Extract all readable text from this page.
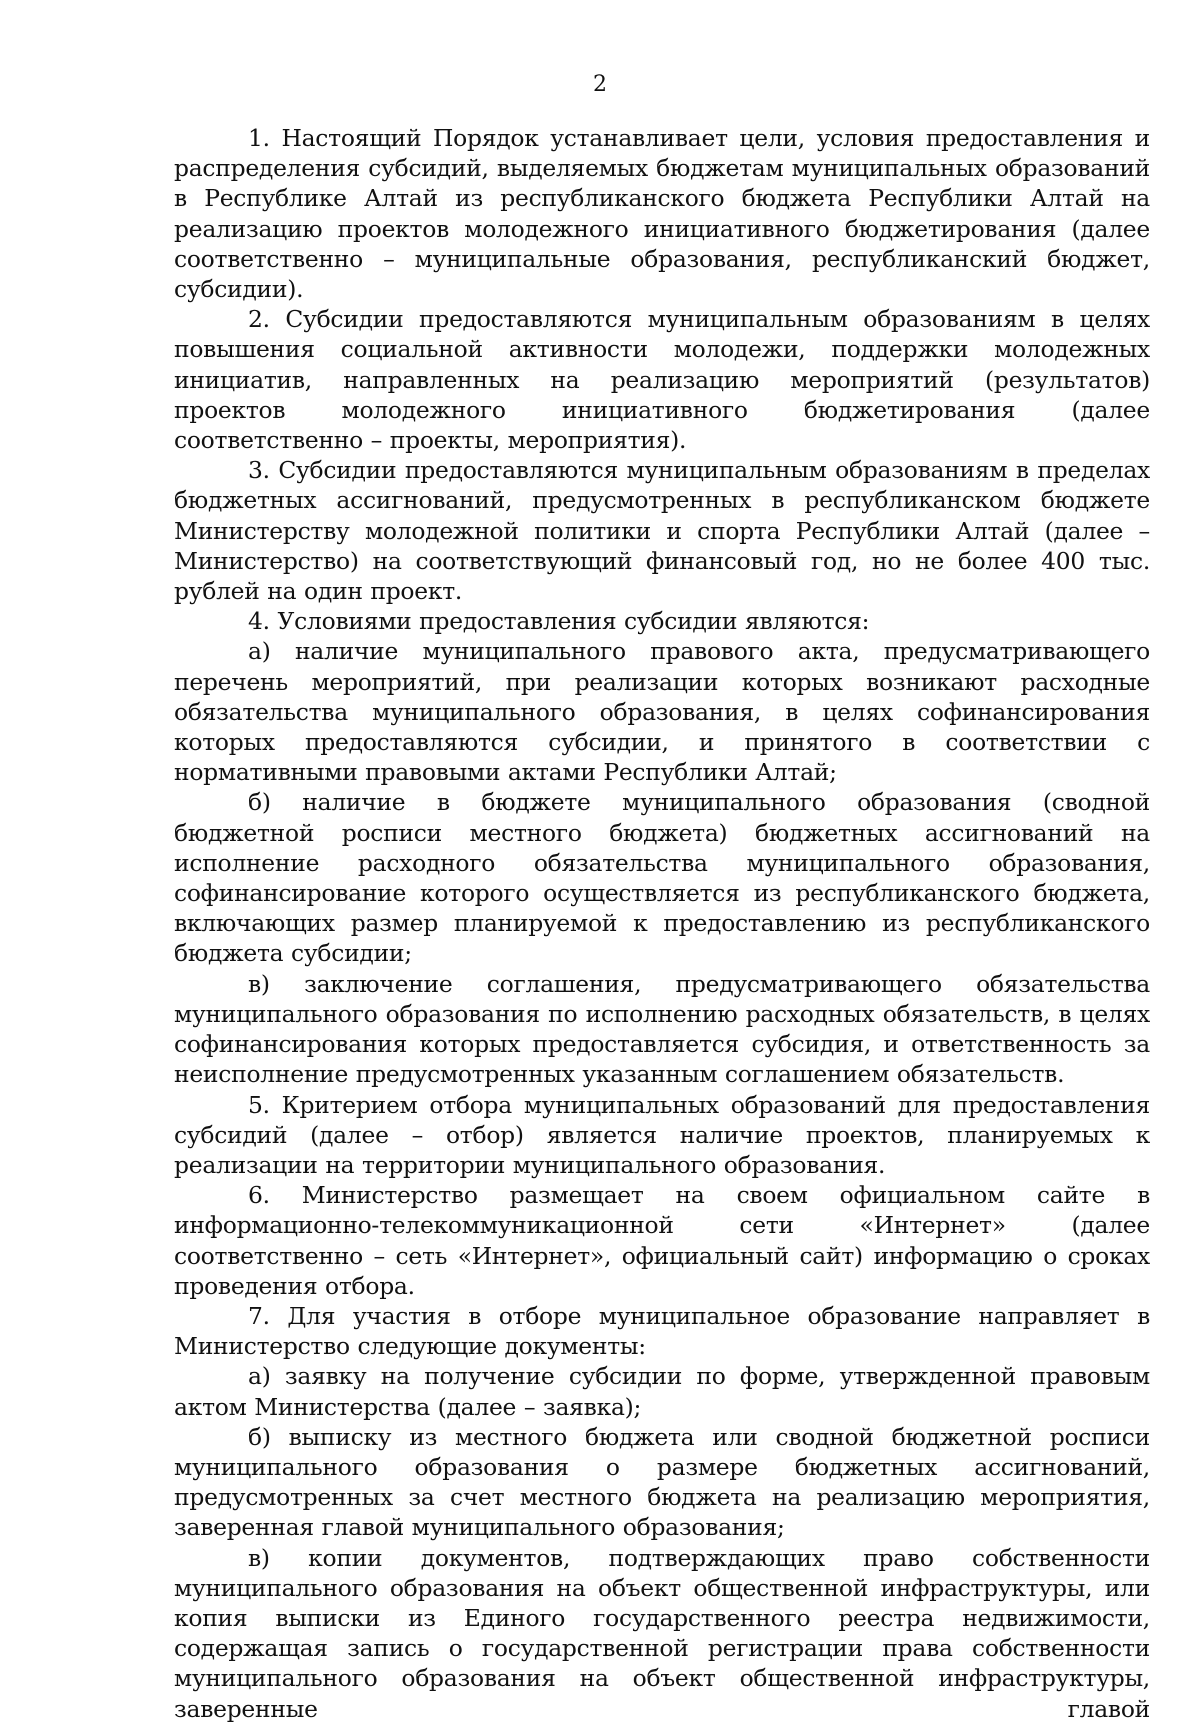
2

1. Настоящий Порядок устанавливает цели, условия предоставления и распределения субсидий, выделяемых бюджетам муниципальных образований в Республике Алтай из республиканского бюджета Республики Алтай на реализацию проектов молодежного инициативного бюджетирования (далее соответственно – муниципальные образования, республиканский бюджет, субсидии).

2. Субсидии предоставляются муниципальным образованиям в целях повышения социальной активности молодежи, поддержки молодежных инициатив, направленных на реализацию мероприятий (результатов) проектов молодежного инициативного бюджетирования (далее соответственно – проекты, мероприятия).

3. Субсидии предоставляются муниципальным образованиям в пределах бюджетных ассигнований, предусмотренных в республиканском бюджете Министерству молодежной политики и спорта Республики Алтай (далее – Министерство) на соответствующий финансовый год, но не более 400 тыс. рублей на один проект.

4. Условиями предоставления субсидии являются:

а) наличие муниципального правового акта, предусматривающего перечень мероприятий, при реализации которых возникают расходные обязательства муниципального образования, в целях софинансирования которых предоставляются субсидии, и принятого в соответствии с нормативными правовыми актами Республики Алтай;

б) наличие в бюджете муниципального образования (сводной бюджетной росписи местного бюджета) бюджетных ассигнований на исполнение расходного обязательства муниципального образования, софинансирование которого осуществляется из республиканского бюджета, включающих размер планируемой к предоставлению из республиканского бюджета субсидии;

в) заключение соглашения, предусматривающего обязательства муниципального образования по исполнению расходных обязательств, в целях софинансирования которых предоставляется субсидия, и ответственность за неисполнение предусмотренных указанным соглашением обязательств.

5. Критерием отбора муниципальных образований для предоставления субсидий (далее – отбор) является наличие проектов, планируемых к реализации на территории муниципального образования.

6. Министерство размещает на своем официальном сайте в информационно-телекоммуникационной сети «Интернет» (далее соответственно – сеть «Интернет», официальный сайт) информацию о сроках проведения отбора.

7. Для участия в отборе муниципальное образование направляет в Министерство следующие документы:

а) заявку на получение субсидии по форме, утвержденной правовым актом Министерства (далее – заявка);

б) выписку из местного бюджета или сводной бюджетной росписи муниципального образования о размере бюджетных ассигнований, предусмотренных за счет местного бюджета на реализацию мероприятия, заверенная главой муниципального образования;

в) копии документов, подтверждающих право собственности муниципального образования на объект общественной инфраструктуры, или копия выписки из Единого государственного реестра недвижимости, содержащая запись о государственной регистрации права собственности муниципального образования на объект общественной инфраструктуры, заверенные главой
